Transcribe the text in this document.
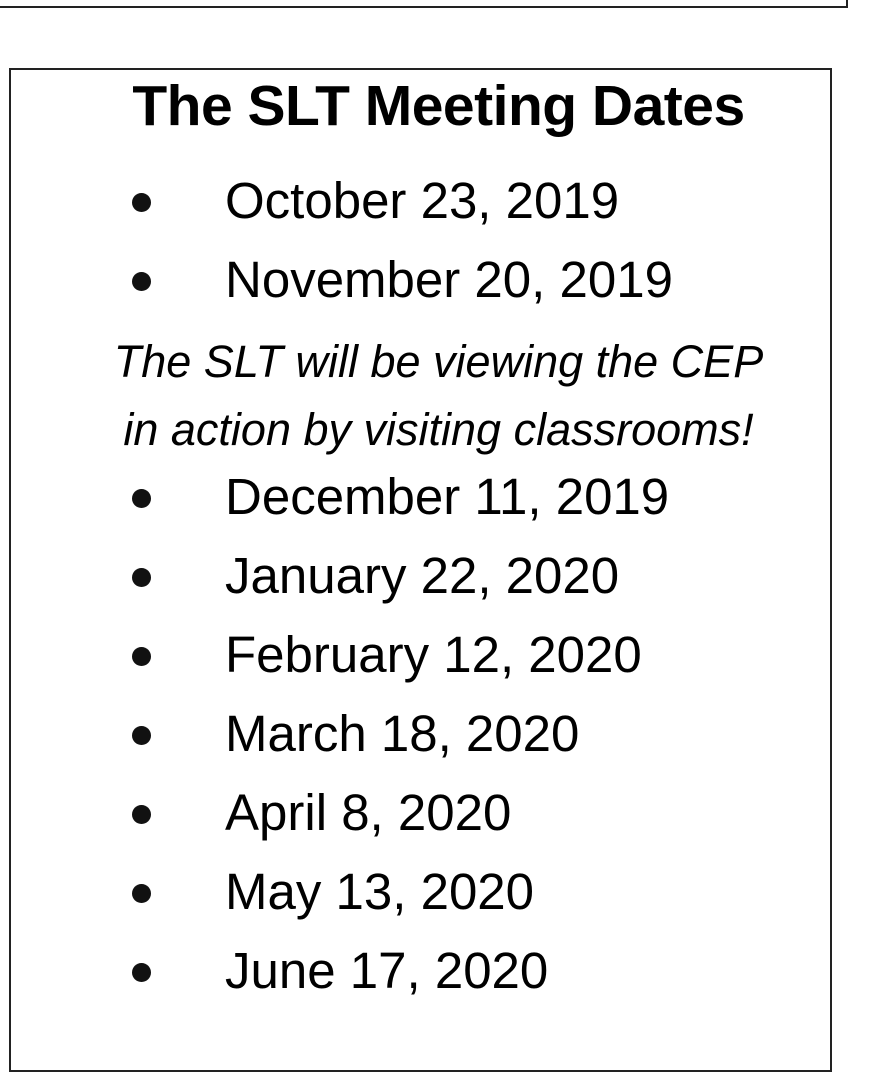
The SLT Meeting Dates
October 23, 2019
November 20, 2019
The SLT will be viewing the CEP
in action by visiting classrooms!
December 11, 2019
January 22, 2020
February 12, 2020
March 18, 2020
April 8, 2020
May 13, 2020
June 17, 2020
